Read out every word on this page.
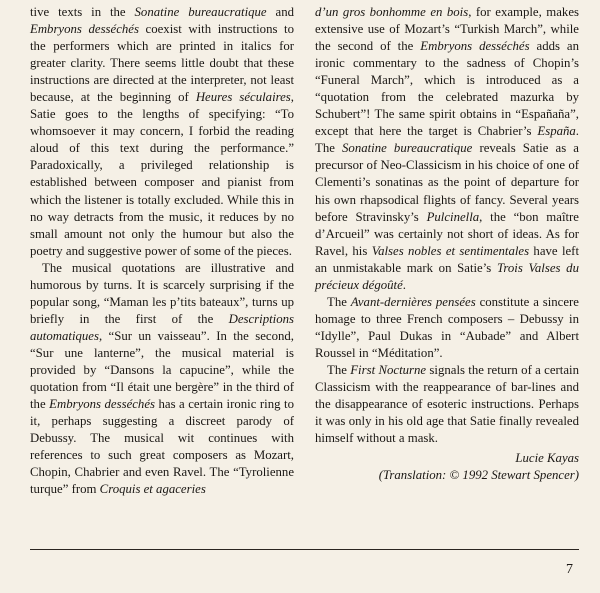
tive texts in the Sonatine bureaucratique and Embryons desséchés coexist with instructions to the performers which are printed in italics for greater clarity. There seems little doubt that these instructions are directed at the interpreter, not least because, at the beginning of Heures séculaires, Satie goes to the lengths of specifying: “To whomsoever it may concern, I forbid the reading aloud of this text during the performance.” Paradoxically, a privileged relationship is established between composer and pianist from which the listener is totally excluded. While this in no way detracts from the music, it reduces by no small amount not only the humour but also the poetry and suggestive power of some of the pieces.

The musical quotations are illustrative and humorous by turns. It is scarcely surprising if the popular song, “Maman les p’tits bateaux”, turns up briefly in the first of the Descriptions automatiques, “Sur un vaisseau”. In the second, “Sur une lanterne”, the musical material is provided by “Dansons la capucine”, while the quotation from “Il était une bergère” in the third of the Embryons desséchés has a certain ironic ring to it, perhaps suggesting a discreet parody of Debussy. The musical wit continues with references to such great composers as Mozart, Chopin, Chabrier and even Ravel. The “Tyrolienne turque” from Croquis et agaceries

d’un gros bonhomme en bois, for example, makes extensive use of Mozart’s “Turkish March”, while the second of the Embryons desséchés adds an ironic commentary to the sadness of Chopin’s “Funeral March”, which is introduced as a “quotation from the celebrated mazurka by Schubert”! The same spirit obtains in “Españaña”, except that here the target is Chabrier’s España. The Sonatine bureaucratique reveals Satie as a precursor of Neo-Classicism in his choice of one of Clementi’s sonatinas as the point of departure for his own rhapsodical flights of fancy. Several years before Stravinsky’s Pulcinella, the “bon maître d’Arcueil” was certainly not short of ideas. As for Ravel, his Valses nobles et sentimentales have left an unmistakable mark on Satie’s Trois Valses du précieux dégoûté.

The Avant-dernières pensées constitute a sincere homage to three French composers – Debussy in “Idylle”, Paul Dukas in “Aubade” and Albert Roussel in “Méditation”.

The First Nocturne signals the return of a certain Classicism with the reappearance of bar-lines and the disappearance of esoteric instructions. Perhaps it was only in his old age that Satie finally revealed himself without a mask.

Lucie Kayas

(Translation: © 1992 Stewart Spencer)

7
